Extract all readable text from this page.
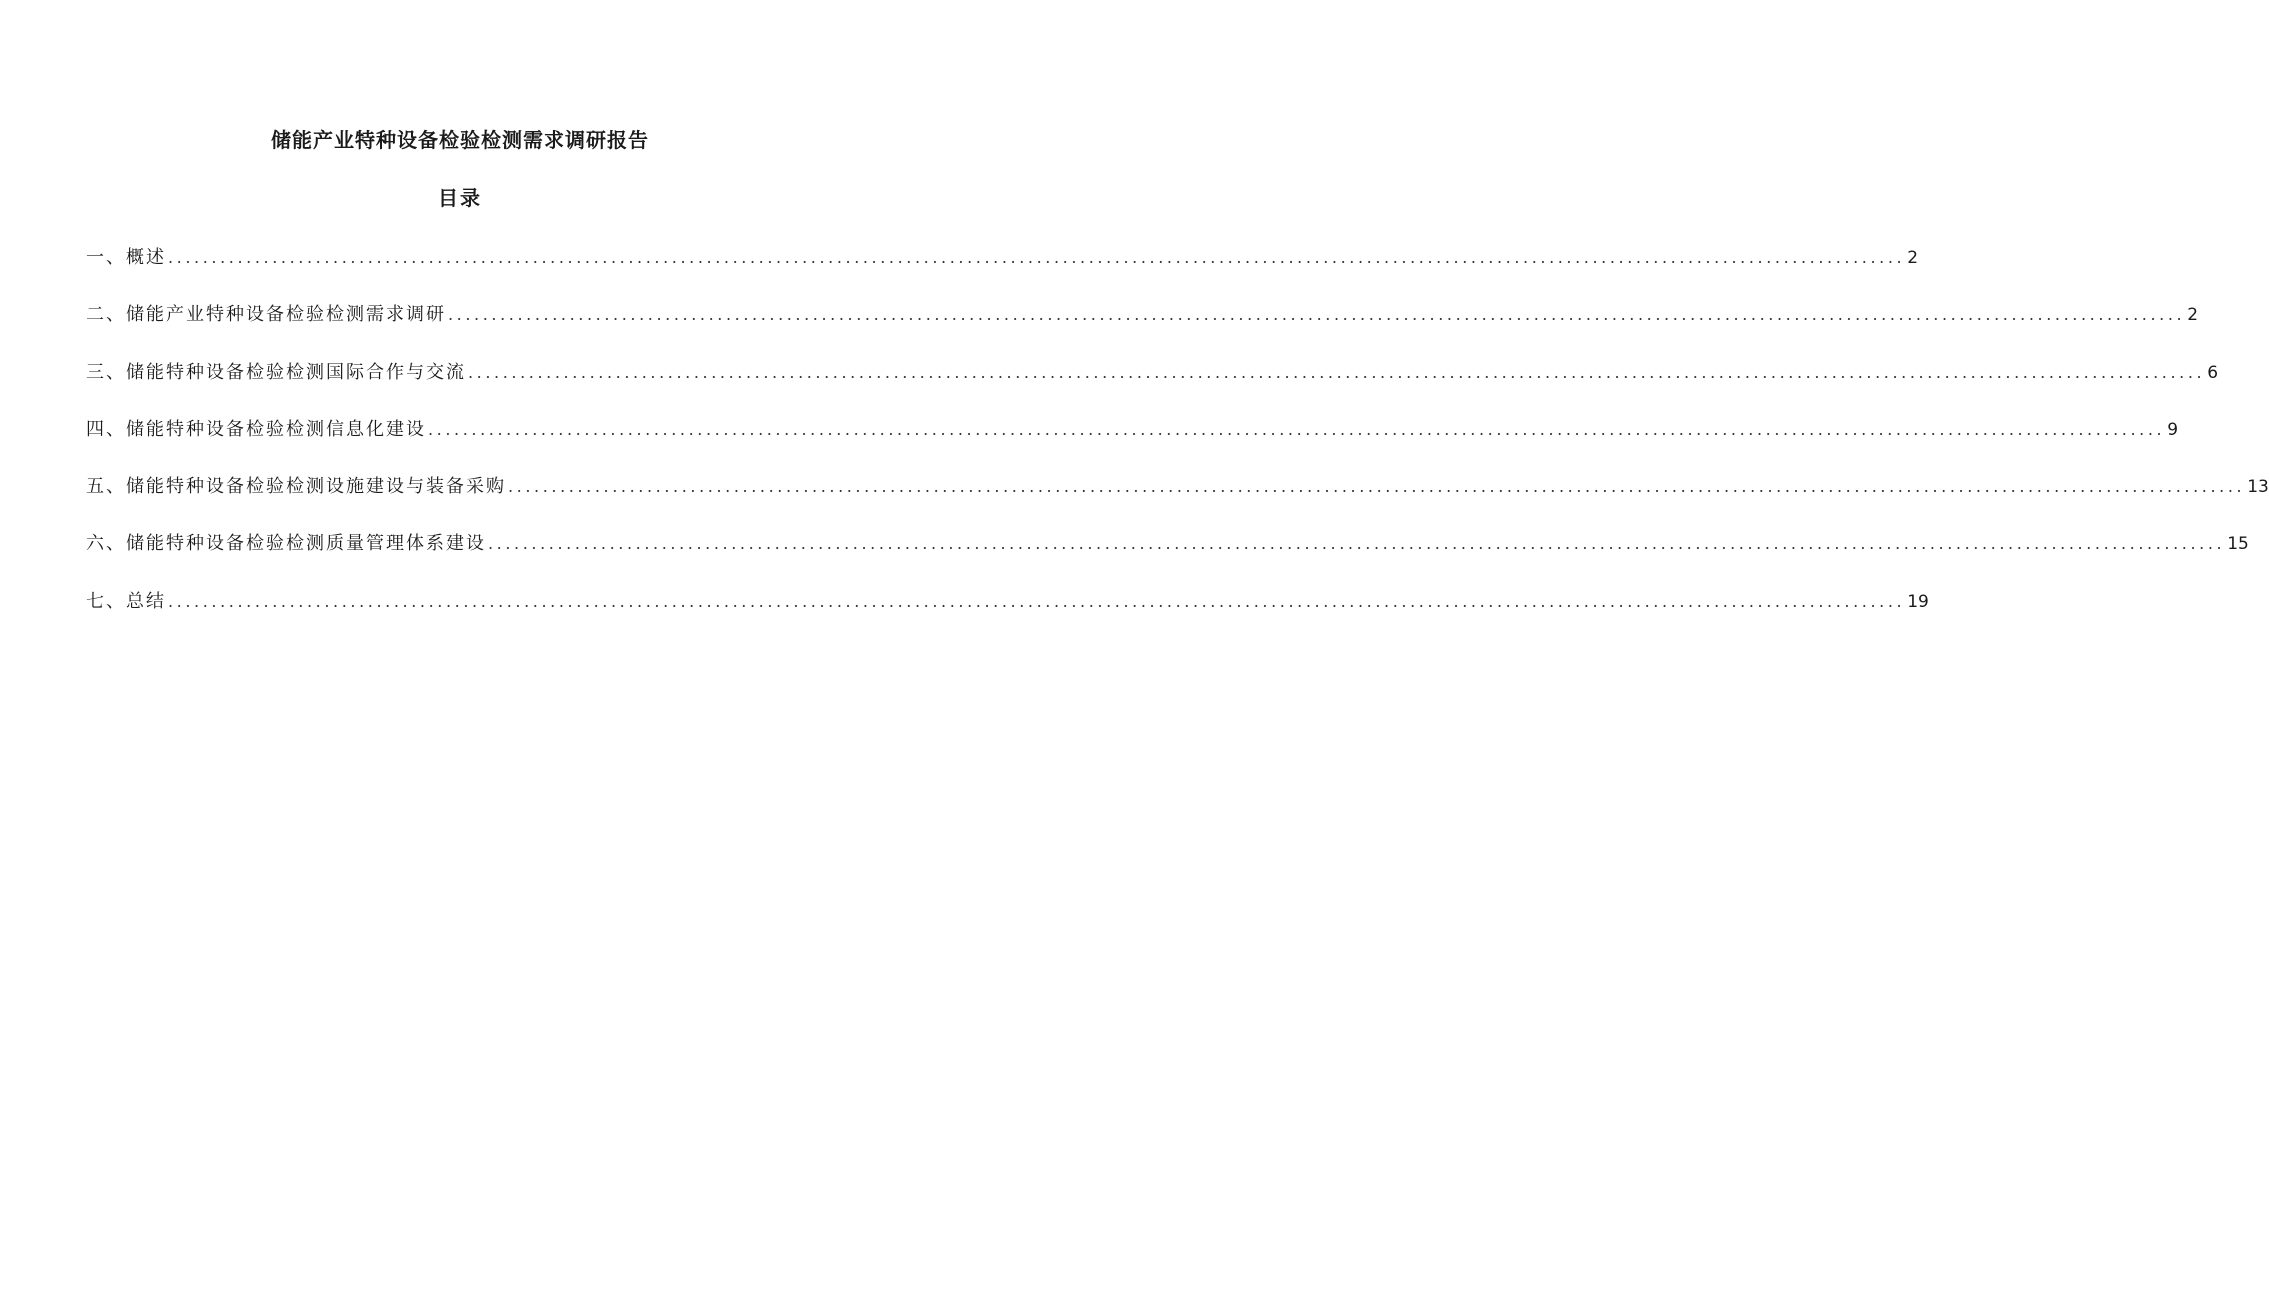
储能产业特种设备检验检测需求调研报告
目录
一、概述 ........................................................................................................................................................................................................ 2
二、储能产业特种设备检验检测需求调研 ........................................................................................................................................................................................................ 2
三、储能特种设备检验检测国际合作与交流 ........................................................................................................................................................................................................ 6
四、储能特种设备检验检测信息化建设 ........................................................................................................................................................................................................ 9
五、储能特种设备检验检测设施建设与装备采购 ........................................................................................................................................................................................................ 13
六、储能特种设备检验检测质量管理体系建设 ........................................................................................................................................................................................................ 15
七、总结 ........................................................................................................................................................................................................ 19
